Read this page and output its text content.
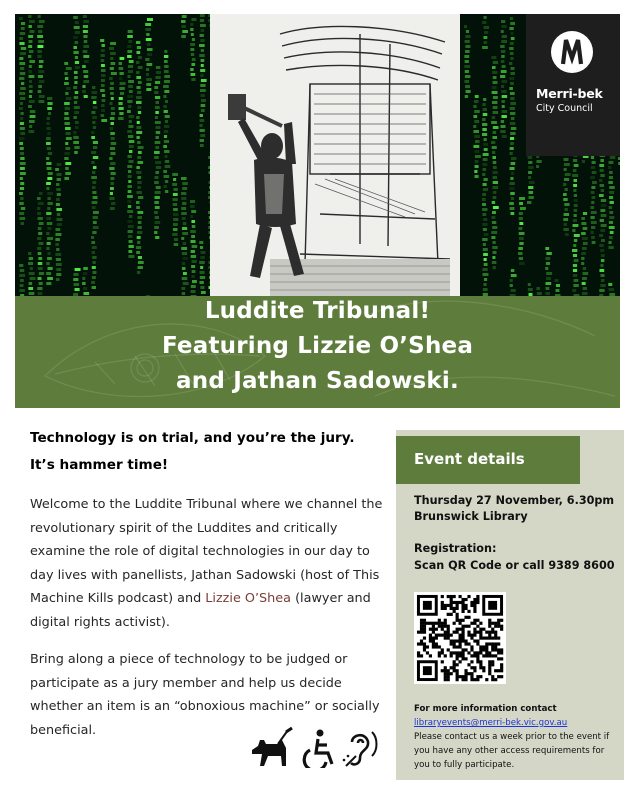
Merri-bek
City Council
Luddite Tribunal!
Featuring Lizzie O’Shea
and Jathan Sadowski.
Technology is on trial, and you’re the jury.
It’s hammer time!
Welcome to the Luddite Tribunal where we channel the revolutionary spirit of the Luddites and critically examine the role of digital technologies in our day to day lives with panellists, Jathan Sadowski (host of This Machine Kills podcast) and Lizzie O’Shea (lawyer and digital rights activist).
Bring along a piece of technology to be judged or participate as a jury member and help us decide whether an item is an “obnoxious machine” or socially beneficial.
Event details
Thursday 27 November, 6.30pm
Brunswick Library
Registration:
Scan QR Code or call 9389 8600
For more information contact
libraryevents@merri-bek.vic.gov.au
Please contact us a week prior to the event if you have any other access requirements for you to fully participate.
